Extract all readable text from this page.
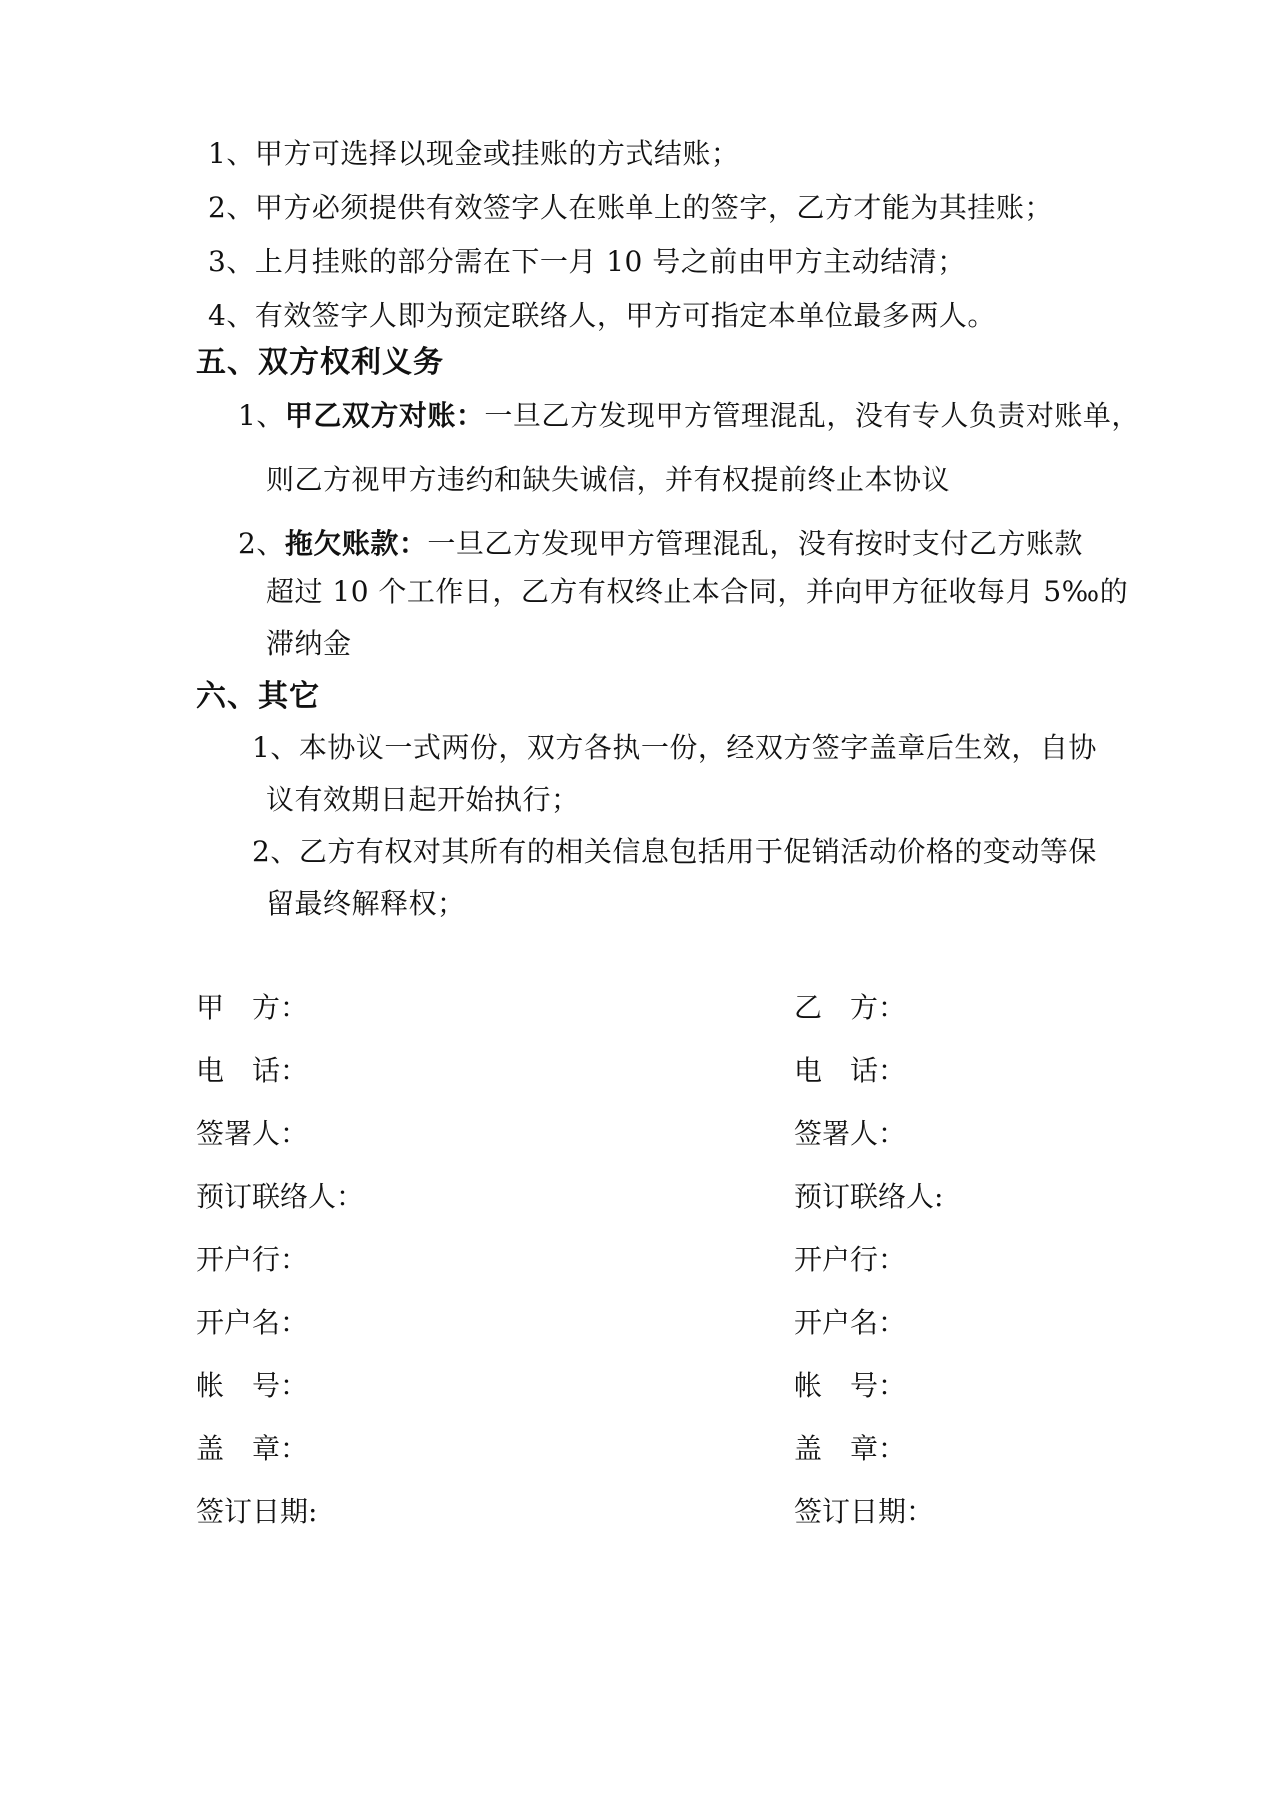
1、甲方可选择以现金或挂账的方式结账；
2、甲方必须提供有效签字人在账单上的签字，乙方才能为其挂账；
3、上月挂账的部分需在下一月 10 号之前由甲方主动结清；
4、有效签字人即为预定联络人，甲方可指定本单位最多两人。
五、双方权利义务
1、甲乙双方对账：一旦乙方发现甲方管理混乱，没有专人负责对账单，
则乙方视甲方违约和缺失诚信，并有权提前终止本协议
2、拖欠账款：一旦乙方发现甲方管理混乱，没有按时支付乙方账款
超过 10 个工作日，乙方有权终止本合同，并向甲方征收每月 5‰的
滞纳金
六、其它
1、本协议一式两份，双方各执一份，经双方签字盖章后生效，自协
议有效期日起开始执行；
2、乙方有权对其所有的相关信息包括用于促销活动价格的变动等保
留最终解释权；
甲　方：
电　话：
签署人：
预订联络人：
开户行：
开户名：
帐　号：
盖　章：
签订日期:
乙　方：
电　话：
签署人：
预订联络人:
开户行：
开户名：
帐　号：
盖　章：
签订日期：
